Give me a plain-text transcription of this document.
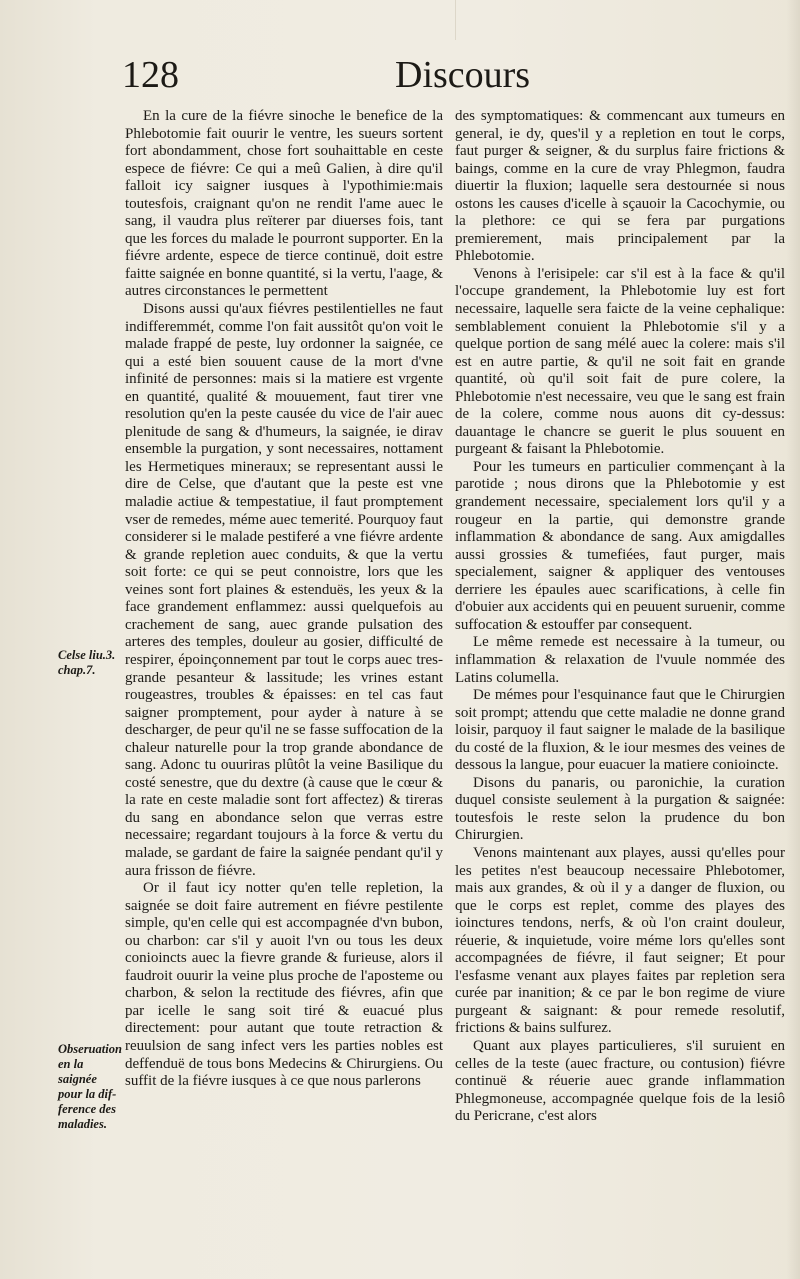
128	Discours
Celse liu.3.
chap.7.
Obseruation
en la saignée
pour la dif-
ference des
maladies.

En la cure de la fiévre sinoche le benefice de la Phlebotomie fait ouurir le ventre, les sueurs sortent fort abondamment, chose fort souhaittable en ceste espece de fiévre: Ce qui a meû Galien, à dire qu'il falloit icy saigner iusques à l'ypothimie:mais toutesfois, craignant qu'on ne rendit l'ame auec le sang, il vaudra plus reïterer par diuerses fois, tant que les forces du malade le pourront supporter. En la fiévre ardente, espece de tierce continuë, doit estre faitte saignée en bonne quantité, si la vertu, l'aage, & autres circonstances le permettent

Disons aussi qu'aux fiévres pestilentielles ne faut indifferemmét, comme l'on fait aussitôt qu'on voit le malade frappé de peste, luy ordonner la saignée, ce qui a esté bien souuent cause de la mort d'vne infinité de personnes: mais si la matiere est vrgente en quantité, qualité & mouuement, faut tirer vne resolution qu'en la peste causée du vice de l'air auec plenitude de sang & d'humeurs, la saignée, ie dirav ensemble la purgation, y sont necessaires, nottament les Hermetiques mineraux; se representant aussi le dire de Celse, que d'autant que la peste est vne maladie actiue & tempestatiue, il faut promptement vser de remedes, méme auec temerité. Pourquoy faut considerer si le malade pestiferé a vne fiévre ardente & grande repletion auec conduits, & que la vertu soit forte: ce qui se peut connoistre, lors que les veines sont fort plaines & estenduës, les yeux & la face grandement enflammez: aussi quelquefois au crachement de sang, auec grande pulsation des arteres des temples, douleur au gosier, difficulté de respirer, époinçonnement par tout le corps auec tres-grande pesanteur & lassitude; les vrines estant rougeastres, troubles & épaisses: en tel cas faut saigner promptement, pour ayder à nature à se descharger, de peur qu'il ne se fasse suffocation de la chaleur naturelle pour la trop grande abondance de sang. Adonc tu ouuriras plûtôt la veine Basilique du costé senestre, que du dextre (à cause que le cœur & la rate en ceste maladie sont fort affectez) & tireras du sang en abondance selon que verras estre necessaire; regardant toujours à la force & vertu du malade, se gardant de faire la saignée pendant qu'il y aura frisson de fiévre.

Or il faut icy notter qu'en telle repletion, la saignée se doit faire autrement en fiévre pestilente simple, qu'en celle qui est accompagnée d'vn bubon, ou charbon: car s'il y auoit l'vn ou tous les deux conioincts auec la fievre grande & furieuse, alors il faudroit ouurir la veine plus proche de l'aposteme ou charbon, & selon la rectitude des fiévres, afin que par icelle le sang soit tiré & euacué plus directement: pour autant que toute retraction & reuulsion de sang infect vers les parties nobles est deffenduë de tous bons Medecins & Chirurgiens. Ou suffit de la fiévre iusques à ce que nous parlerons

des symptomatiques: & commencant aux tumeurs en general, ie dy, ques'il y a repletion en tout le corps, faut purger & seigner, & du surplus faire frictions & baings, comme en la cure de vray Phlegmon, faudra diuertir la fluxion; laquelle sera destournée si nous ostons les causes d'icelle à sçauoir la Cacochymie, ou la plethore: ce qui se fera par purgations premierement, mais principalement par la Phlebotomie.

Venons à l'erisipele: car s'il est à la face & qu'il l'occupe grandement, la Phlebotomie luy est fort necessaire, laquelle sera faicte de la veine cephalique: semblablement conuient la Phlebotomie s'il y a quelque portion de sang mélé auec la colere: mais s'il est en autre partie, & qu'il ne soit fait en grande quantité, où qu'il soit fait de pure colere, la Phlebotomie n'est necessaire, veu que le sang est frain de la colere, comme nous auons dit cy-dessus: dauantage le chancre se guerit le plus souuent en purgeant & faisant la Phlebotomie.

Pour les tumeurs en particulier commençant à la parotide ; nous dirons que la Phlebotomie y est grandement necessaire, specialement lors qu'il y a rougeur en la partie, qui demonstre grande inflammation & abondance de sang. Aux amigdalles aussi grossies & tumefiées, faut purger, mais specialement, saigner & appliquer des ventouses derriere les épaules auec scarifications, à celle fin d'obuier aux accidents qui en peuuent suruenir, comme suffocation & estouffer par consequent.

Le même remede est necessaire à la tumeur, ou inflammation & relaxation de l'vuule nommée des Latins columella.

De mémes pour l'esquinance faut que le Chirurgien soit prompt; attendu que cette maladie ne donne grand loisir, parquoy il faut saigner le malade de la basilique du costé de la fluxion, & le iour mesmes des veines de dessous la langue, pour euacuer la matiere conioincte.

Disons du panaris, ou paronichie, la curation duquel consiste seulement à la purgation & saignée: toutesfois le reste selon la prudence du bon Chirurgien.

Venons maintenant aux playes, aussi qu'elles pour les petites n'est beaucoup necessaire Phlebotomer, mais aux grandes, & où il y a danger de fluxion, ou que le corps est replet, comme des playes des ioinctures tendons, nerfs, & où l'on craint douleur, réuerie, & inquietude, voire méme lors qu'elles sont accompagnées de fiévre, il faut seigner; Et pour l'esfasme venant aux playes faites par repletion sera curée par inanition; & ce par le bon regime de viure purgeant & saignant: & pour remede resolutif, frictions & bains sulfurez.

Quant aux playes particulieres, s'il suruient en celles de la teste (auec fracture, ou contusion) fiévre continuë & réuerie auec grande inflammation Phlegmoneuse, accompagnée quelque fois de la lesiô du Pericrane, c'est alors
